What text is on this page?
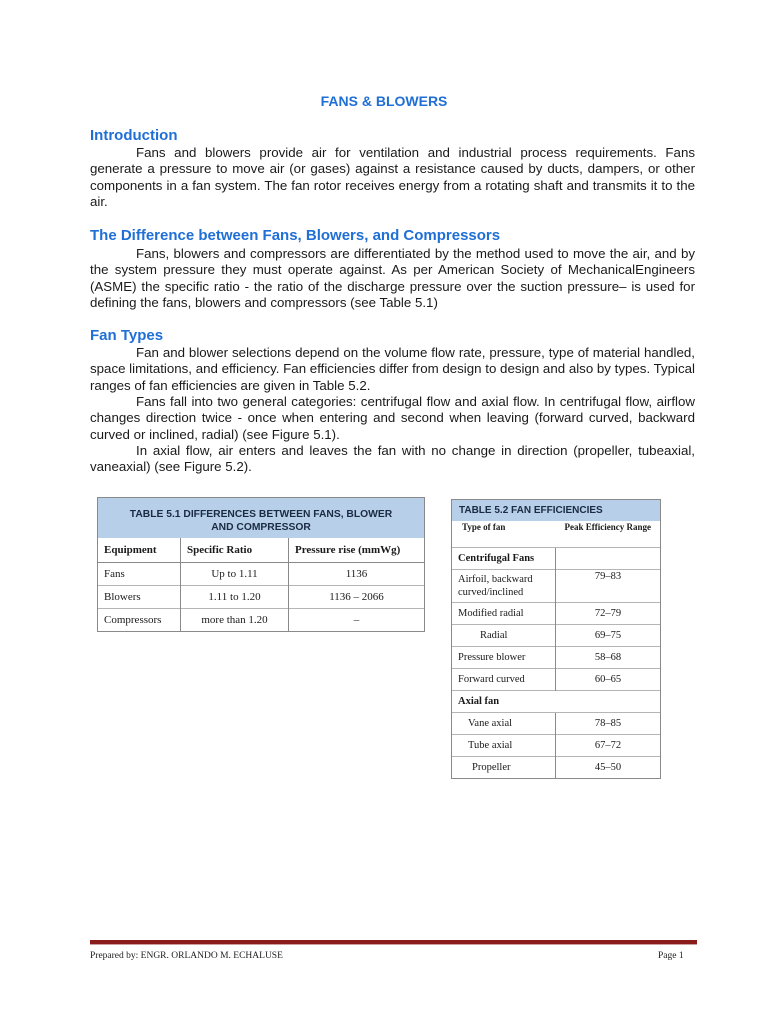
FANS & BLOWERS
Introduction

Fans and blowers provide air for ventilation and industrial process requirements. Fans generate a pressure to move air (or gases) against a resistance caused by ducts, dampers, or other components in a fan system. The fan rotor receives energy from a rotating shaft and transmits it to the air.

The Difference between Fans, Blowers, and Compressors

Fans, blowers and compressors are differentiated by the method used to move the air, and by the system pressure they must operate against. As per American Society of MechanicalEngineers (ASME) the specific ratio - the ratio of the discharge pressure over the suction pressure– is used for defining the fans, blowers and compressors (see Table 5.1)

Fan Types

Fan and blower selections depend on the volume flow rate, pressure, type of material handled, space limitations, and efficiency. Fan efficiencies differ from design to design and also by types. Typical ranges of fan efficiencies are given in Table 5.2.

Fans fall into two general categories: centrifugal flow and axial flow. In centrifugal flow, airflow changes direction twice - once when entering and second when leaving (forward curved, backward curved or inclined, radial) (see Figure 5.1).

In axial flow, air enters and leaves the fan with no change in direction (propeller, tubeaxial, vaneaxial) (see Figure 5.2).

TABLE 5.1 DIFFERENCES BETWEEN FANS, BLOWER
AND COMPRESSOR
Equipment	Specific Ratio	Pressure rise (mmWg)
Fans	Up to 1.11	1136
Blowers	1.11 to 1.20	1136 – 2066
Compressors	more than 1.20	–
TABLE 5.2 FAN EFFICIENCIES
Type of fan	Peak Efficiency Range
Centrifugal Fans	
Airfoil, backward curved/inclined	79–83
Modified radial	72–79
Radial	69–75
Pressure blower	58–68
Forward curved	60–65
Axial fan	
Vane axial	78–85
Tube axial	67–72
Propeller	45–50
Prepared by: ENGR. ORLANDO M. ECHALUSE	Page 1
